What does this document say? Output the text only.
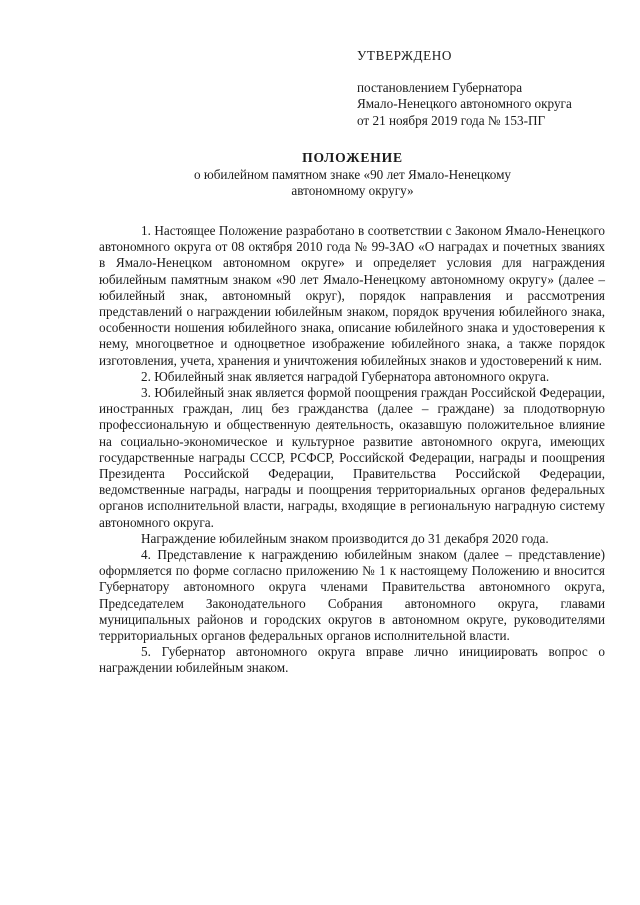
УТВЕРЖДЕНО
постановлением Губернатора
Ямало-Ненецкого автономного округа
от 21 ноября 2019 года № 153-ПГ
ПОЛОЖЕНИЕ
о юбилейном памятном знаке «90 лет Ямало-Ненецкому
автономному округу»

1. Настоящее Положение разработано в соответствии с Законом Ямало-Ненецкого автономного округа от 08 октября 2010 года № 99-ЗАО «О наградах и почетных званиях в Ямало-Ненецком автономном округе» и определяет условия для награждения юбилейным памятным знаком «90 лет Ямало-Ненецкому автономному округу» (далее – юбилейный знак, автономный округ), порядок направления и рассмотрения представлений о награждении юбилейным знаком, порядок вручения юбилейного знака, особенности ношения юбилейного знака, описание юбилейного знака и удостоверения к нему, многоцветное и одноцветное изображение юбилейного знака, а также порядок изготовления, учета, хранения и уничтожения юбилейных знаков и удостоверений к ним.

2. Юбилейный знак является наградой Губернатора автономного округа.

3. Юбилейный знак является формой поощрения граждан Российской Федерации, иностранных граждан, лиц без гражданства (далее – граждане) за плодотворную профессиональную и общественную деятельность, оказавшую положительное влияние на социально-экономическое и культурное развитие автономного округа, имеющих государственные награды СССР, РСФСР, Российской Федерации, награды и поощрения Президента Российской Федерации, Правительства Российской Федерации, ведомственные награды, награды и поощрения территориальных органов федеральных органов исполнительной власти, награды, входящие в региональную наградную систему автономного округа.

Награждение юбилейным знаком производится до 31 декабря 2020 года.

4. Представление к награждению юбилейным знаком (далее – представление) оформляется по форме согласно приложению № 1 к настоящему Положению и вносится Губернатору автономного округа членами Правительства автономного округа, Председателем Законодательного Собрания автономного округа, главами муниципальных районов и городских округов в автономном округе, руководителями территориальных органов федеральных органов исполнительной власти.

5. Губернатор автономного округа вправе лично инициировать вопрос о награждении юбилейным знаком.
